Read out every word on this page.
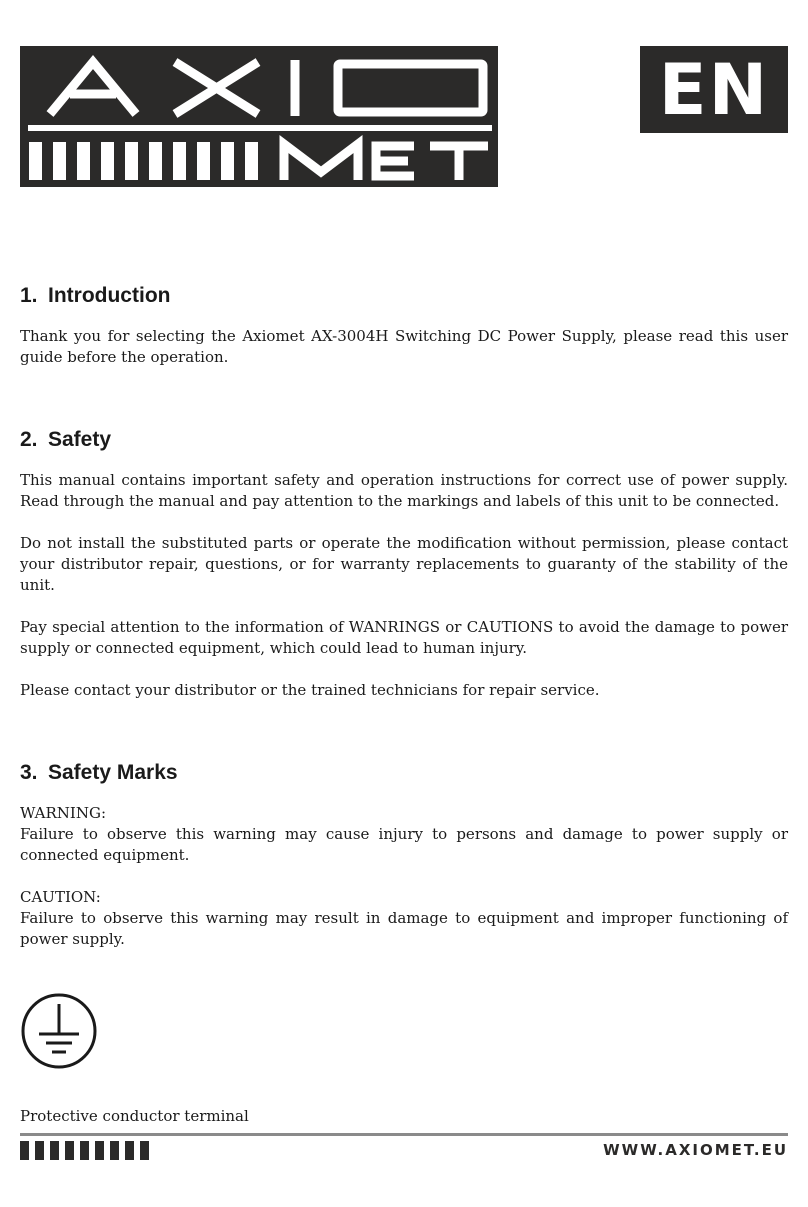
EN
1. Introduction

Thank you for selecting the Axiomet AX-3004H Switching DC Power Supply, please read this user guide before the operation.

2. Safety

This manual contains important safety and operation instructions for correct use of power supply. Read through the manual and pay attention to the markings and labels of this unit to be connected.

Do not install the substituted parts or operate the modification without permission, please contact your distributor repair, questions, or for warranty replacements to guaranty of the stability of the unit.

Pay special attention to the information of WANRINGS or CAUTIONS to avoid the damage to power supply or connected equipment, which could lead to human injury.

Please contact your distributor or the trained technicians for repair service.

3. Safety Marks

WARNING:

Failure to observe this warning may cause injury to persons and damage to power supply or connected equipment.

CAUTION:

Failure to observe this warning may result in damage to equipment and improper functioning of power supply.

Protective conductor terminal

WWW.AXIOMET.EU
